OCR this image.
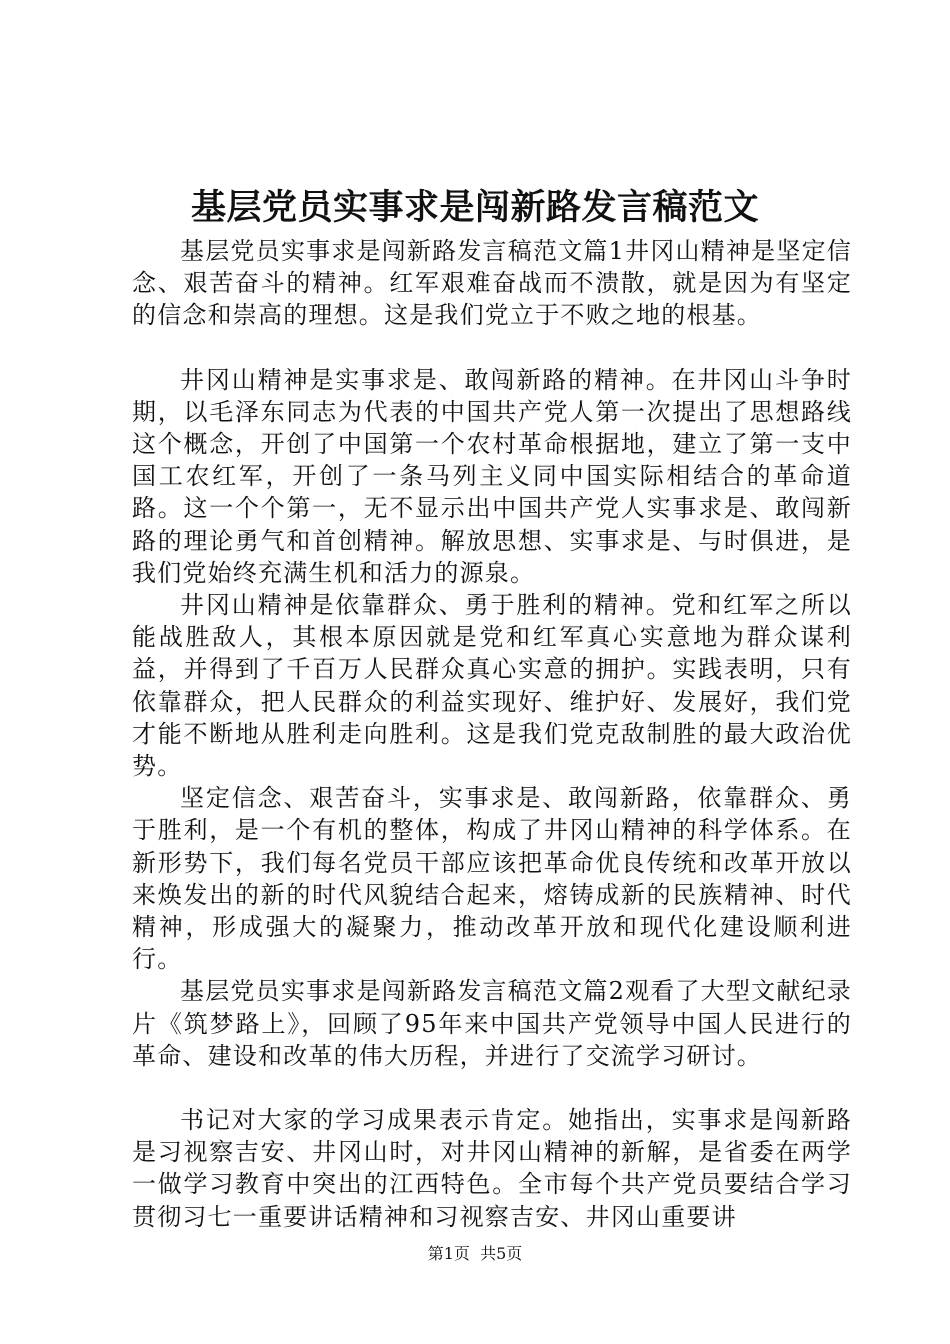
基层党员实事求是闯新路发言稿范文

基层党员实事求是闯新路发言稿范文篇1井冈山精神是坚定信念、艰苦奋斗的精神。红军艰难奋战而不溃散，就是因为有坚定的信念和崇高的理想。这是我们党立于不败之地的根基。

井冈山精神是实事求是、敢闯新路的精神。在井冈山斗争时期，以毛泽东同志为代表的中国共产党人第一次提出了思想路线这个概念，开创了中国第一个农村革命根据地，建立了第一支中国工农红军，开创了一条马列主义同中国实际相结合的革命道路。这一个个第一，无不显示出中国共产党人实事求是、敢闯新路的理论勇气和首创精神。解放思想、实事求是、与时俱进，是我们党始终充满生机和活力的源泉。

井冈山精神是依靠群众、勇于胜利的精神。党和红军之所以能战胜敌人，其根本原因就是党和红军真心实意地为群众谋利益，并得到了千百万人民群众真心实意的拥护。实践表明，只有依靠群众，把人民群众的利益实现好、维护好、发展好，我们党才能不断地从胜利走向胜利。这是我们党克敌制胜的最大政治优势。

坚定信念、艰苦奋斗，实事求是、敢闯新路，依靠群众、勇于胜利，是一个有机的整体，构成了井冈山精神的科学体系。在新形势下，我们每名党员干部应该把革命优良传统和改革开放以来焕发出的新的时代风貌结合起来，熔铸成新的民族精神、时代精神，形成强大的凝聚力，推动改革开放和现代化建设顺利进行。

基层党员实事求是闯新路发言稿范文篇2观看了大型文献纪录片《筑梦路上》，回顾了95年来中国共产党领导中国人民进行的革命、建设和改革的伟大历程，并进行了交流学习研讨。

书记对大家的学习成果表示肯定。她指出，实事求是闯新路是习视察吉安、井冈山时，对井冈山精神的新解，是省委在两学一做学习教育中突出的江西特色。全市每个共产党员要结合学习贯彻习七一重要讲话精神和习视察吉安、井冈山重要讲

第1页  共5页
